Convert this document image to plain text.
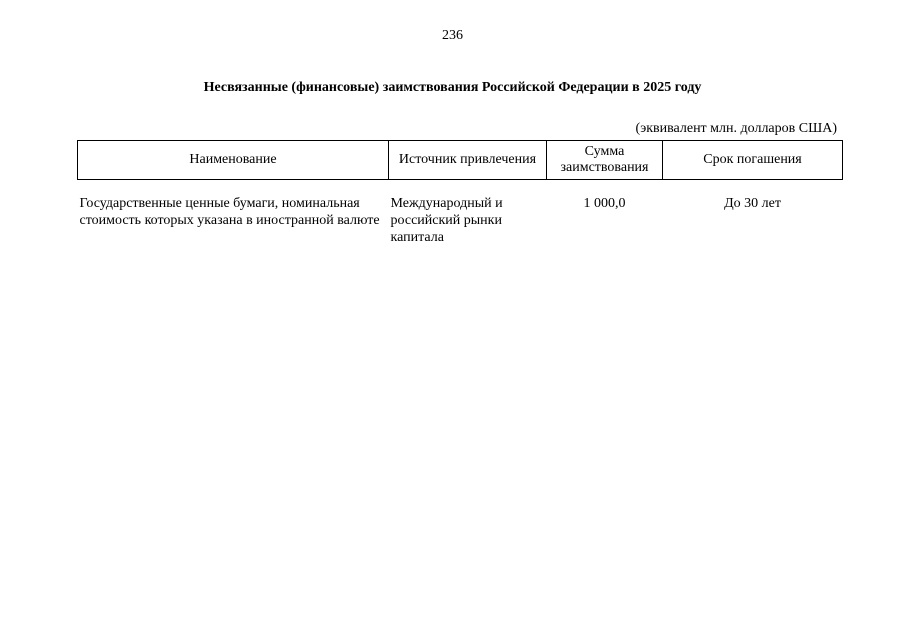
236
Несвязанные (финансовые) заимствования Российской Федерации в 2025 году
(эквивалент млн. долларов США)
Наименование	Источник привлечения	Сумма заимствования	Срок погашения
Государственные ценные бумаги, номинальная стоимость которых указана в иностранной валюте	Международный и российский рынки капитала	1 000,0	До 30 лет
